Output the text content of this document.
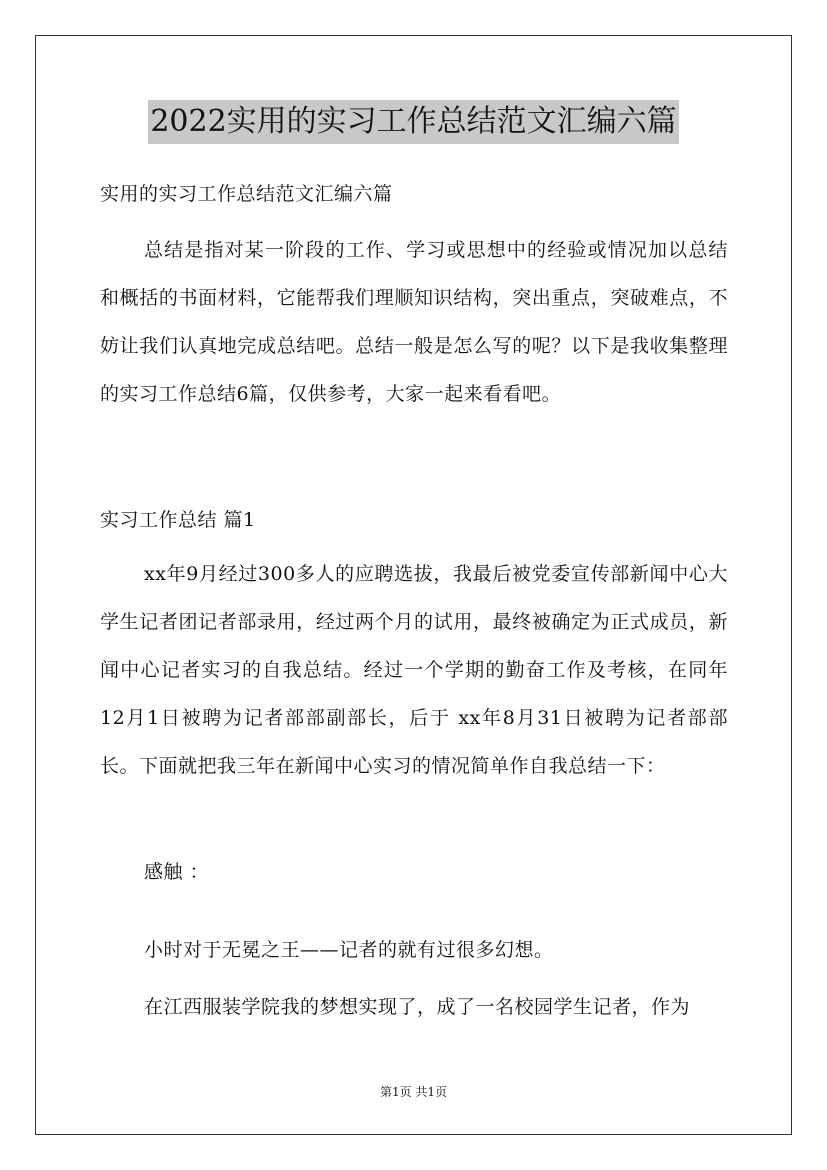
2022实用的实习工作总结范文汇编六篇

实用的实习工作总结范文汇编六篇

总结是指对某一阶段的工作、学习或思想中的经验或情况加以总结和概括的书面材料，它能帮我们理顺知识结构，突出重点，突破难点，不妨让我们认真地完成总结吧。总结一般是怎么写的呢？以下是我收集整理的实习工作总结6篇，仅供参考，大家一起来看看吧。

实习工作总结 篇1

xx年9月经过300多人的应聘选拔，我最后被党委宣传部新闻中心大学生记者团记者部录用，经过两个月的试用，最终被确定为正式成员，新闻中心记者实习的自我总结。经过一个学期的勤奋工作及考核，在同年12月1日被聘为记者部部副部长，后于 xx年8月31日被聘为记者部部长。下面就把我三年在新闻中心实习的情况简单作自我总结一下：

感触 ：

小时对于无冕之王——记者的就有过很多幻想。

在江西服装学院我的梦想实现了，成了一名校园学生记者，作为

第1页 共1页
